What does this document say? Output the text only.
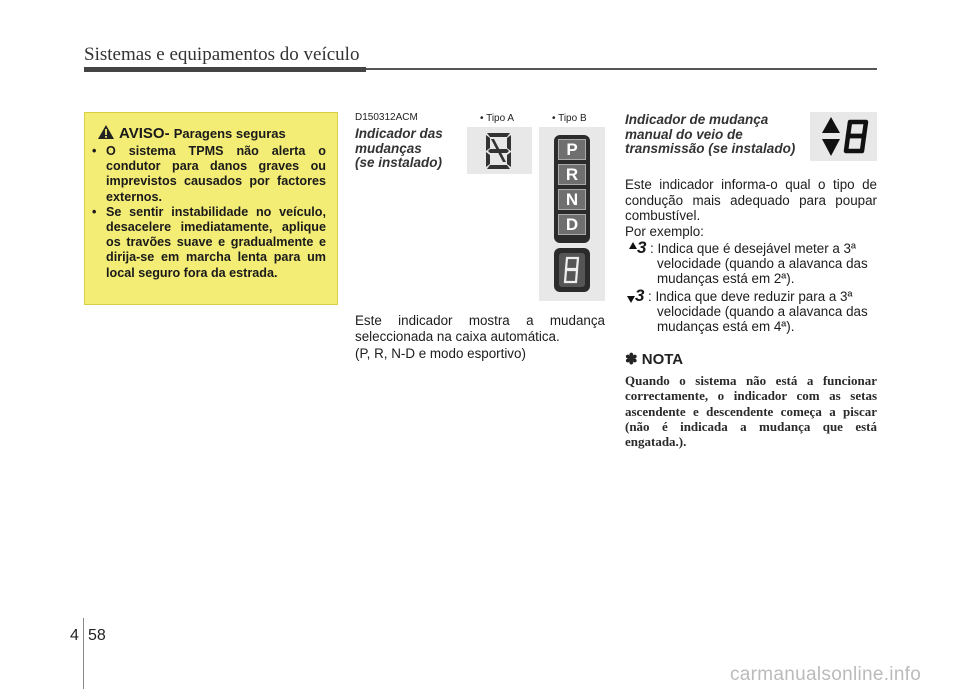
Sistemas e equipamentos do veículo
AVISO- Paragens seguras
• O sistema TPMS não alerta o condutor para danos graves ou imprevistos causados por factores externos.
• Se sentir instabilidade no veículo, desacelere imediatamente, aplique os travões suave e gradualmente e dirija-se em marcha lenta para um local seguro fora da estrada.
D150312ACM
Indicador das
mudanças
(se instalado)
• Tipo A	• Tipo B
P
R
N
D
Este indicador mostra a mudança seleccionada na caixa automática.
(P, R, N-D e modo esportivo)
Indicador de mudança
manual do veio de
transmissão (se instalado)
Este indicador informa-o qual o tipo de condução mais adequado para poupar combustível.
Por exemplo:
3 : Indica que é desejável meter a 3ª
velocidade (quando a alavanca das
mudanças está em 2ª).
3 : Indica que deve reduzir para a 3ª
velocidade (quando a alavanca das
mudanças está em 4ª).
✽ NOTA
Quando o sistema não está a funcionar correctamente, o indicador com as setas ascendente e descendente começa a piscar (não é indicada a mudança que está engatada.).
4 58
carmanualsonline.info
